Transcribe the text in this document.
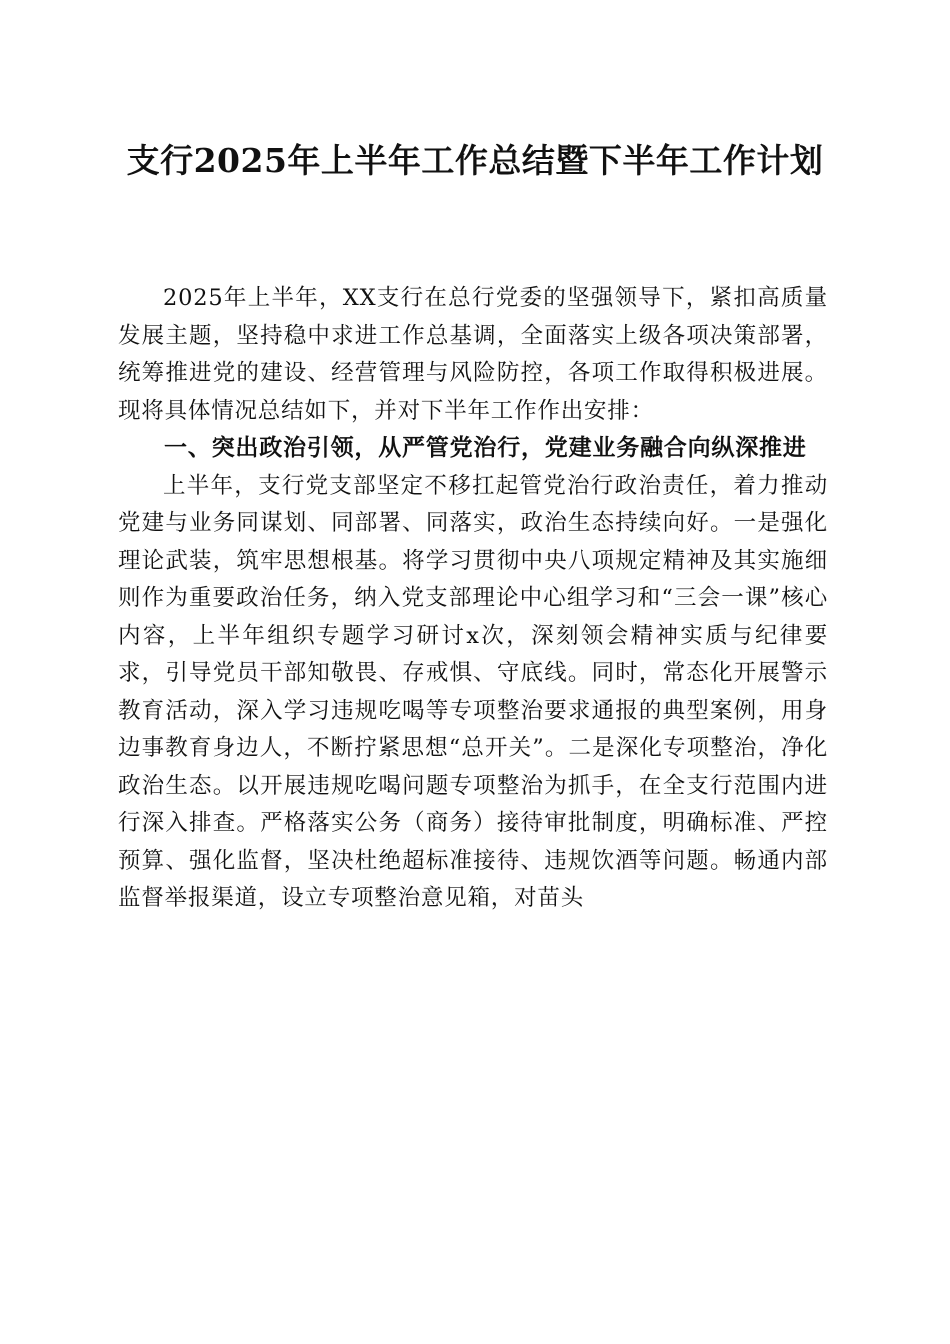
支行2025年上半年工作总结暨下半年工作计划

2025年上半年，XX支行在总行党委的坚强领导下，紧扣高质量发展主题，坚持稳中求进工作总基调，全面落实上级各项决策部署，统筹推进党的建设、经营管理与风险防控，各项工作取得积极进展。现将具体情况总结如下，并对下半年工作作出安排：

一、突出政治引领，从严管党治行，党建业务融合向纵深推进

上半年，支行党支部坚定不移扛起管党治行政治责任，着力推动党建与业务同谋划、同部署、同落实，政治生态持续向好。一是强化理论武装，筑牢思想根基。将学习贯彻中央八项规定精神及其实施细则作为重要政治任务，纳入党支部理论中心组学习和“三会一课”核心内容，上半年组织专题学习研讨x次，深刻领会精神实质与纪律要求，引导党员干部知敬畏、存戒惧、守底线。同时，常态化开展警示教育活动，深入学习违规吃喝等专项整治要求通报的典型案例，用身边事教育身边人，不断拧紧思想“总开关”。二是深化专项整治，净化政治生态。以开展违规吃喝问题专项整治为抓手，在全支行范围内进行深入排查。严格落实公务（商务）接待审批制度，明确标准、严控预算、强化监督，坚决杜绝超标准接待、违规饮酒等问题。畅通内部监督举报渠道，设立专项整治意见箱，对苗头
